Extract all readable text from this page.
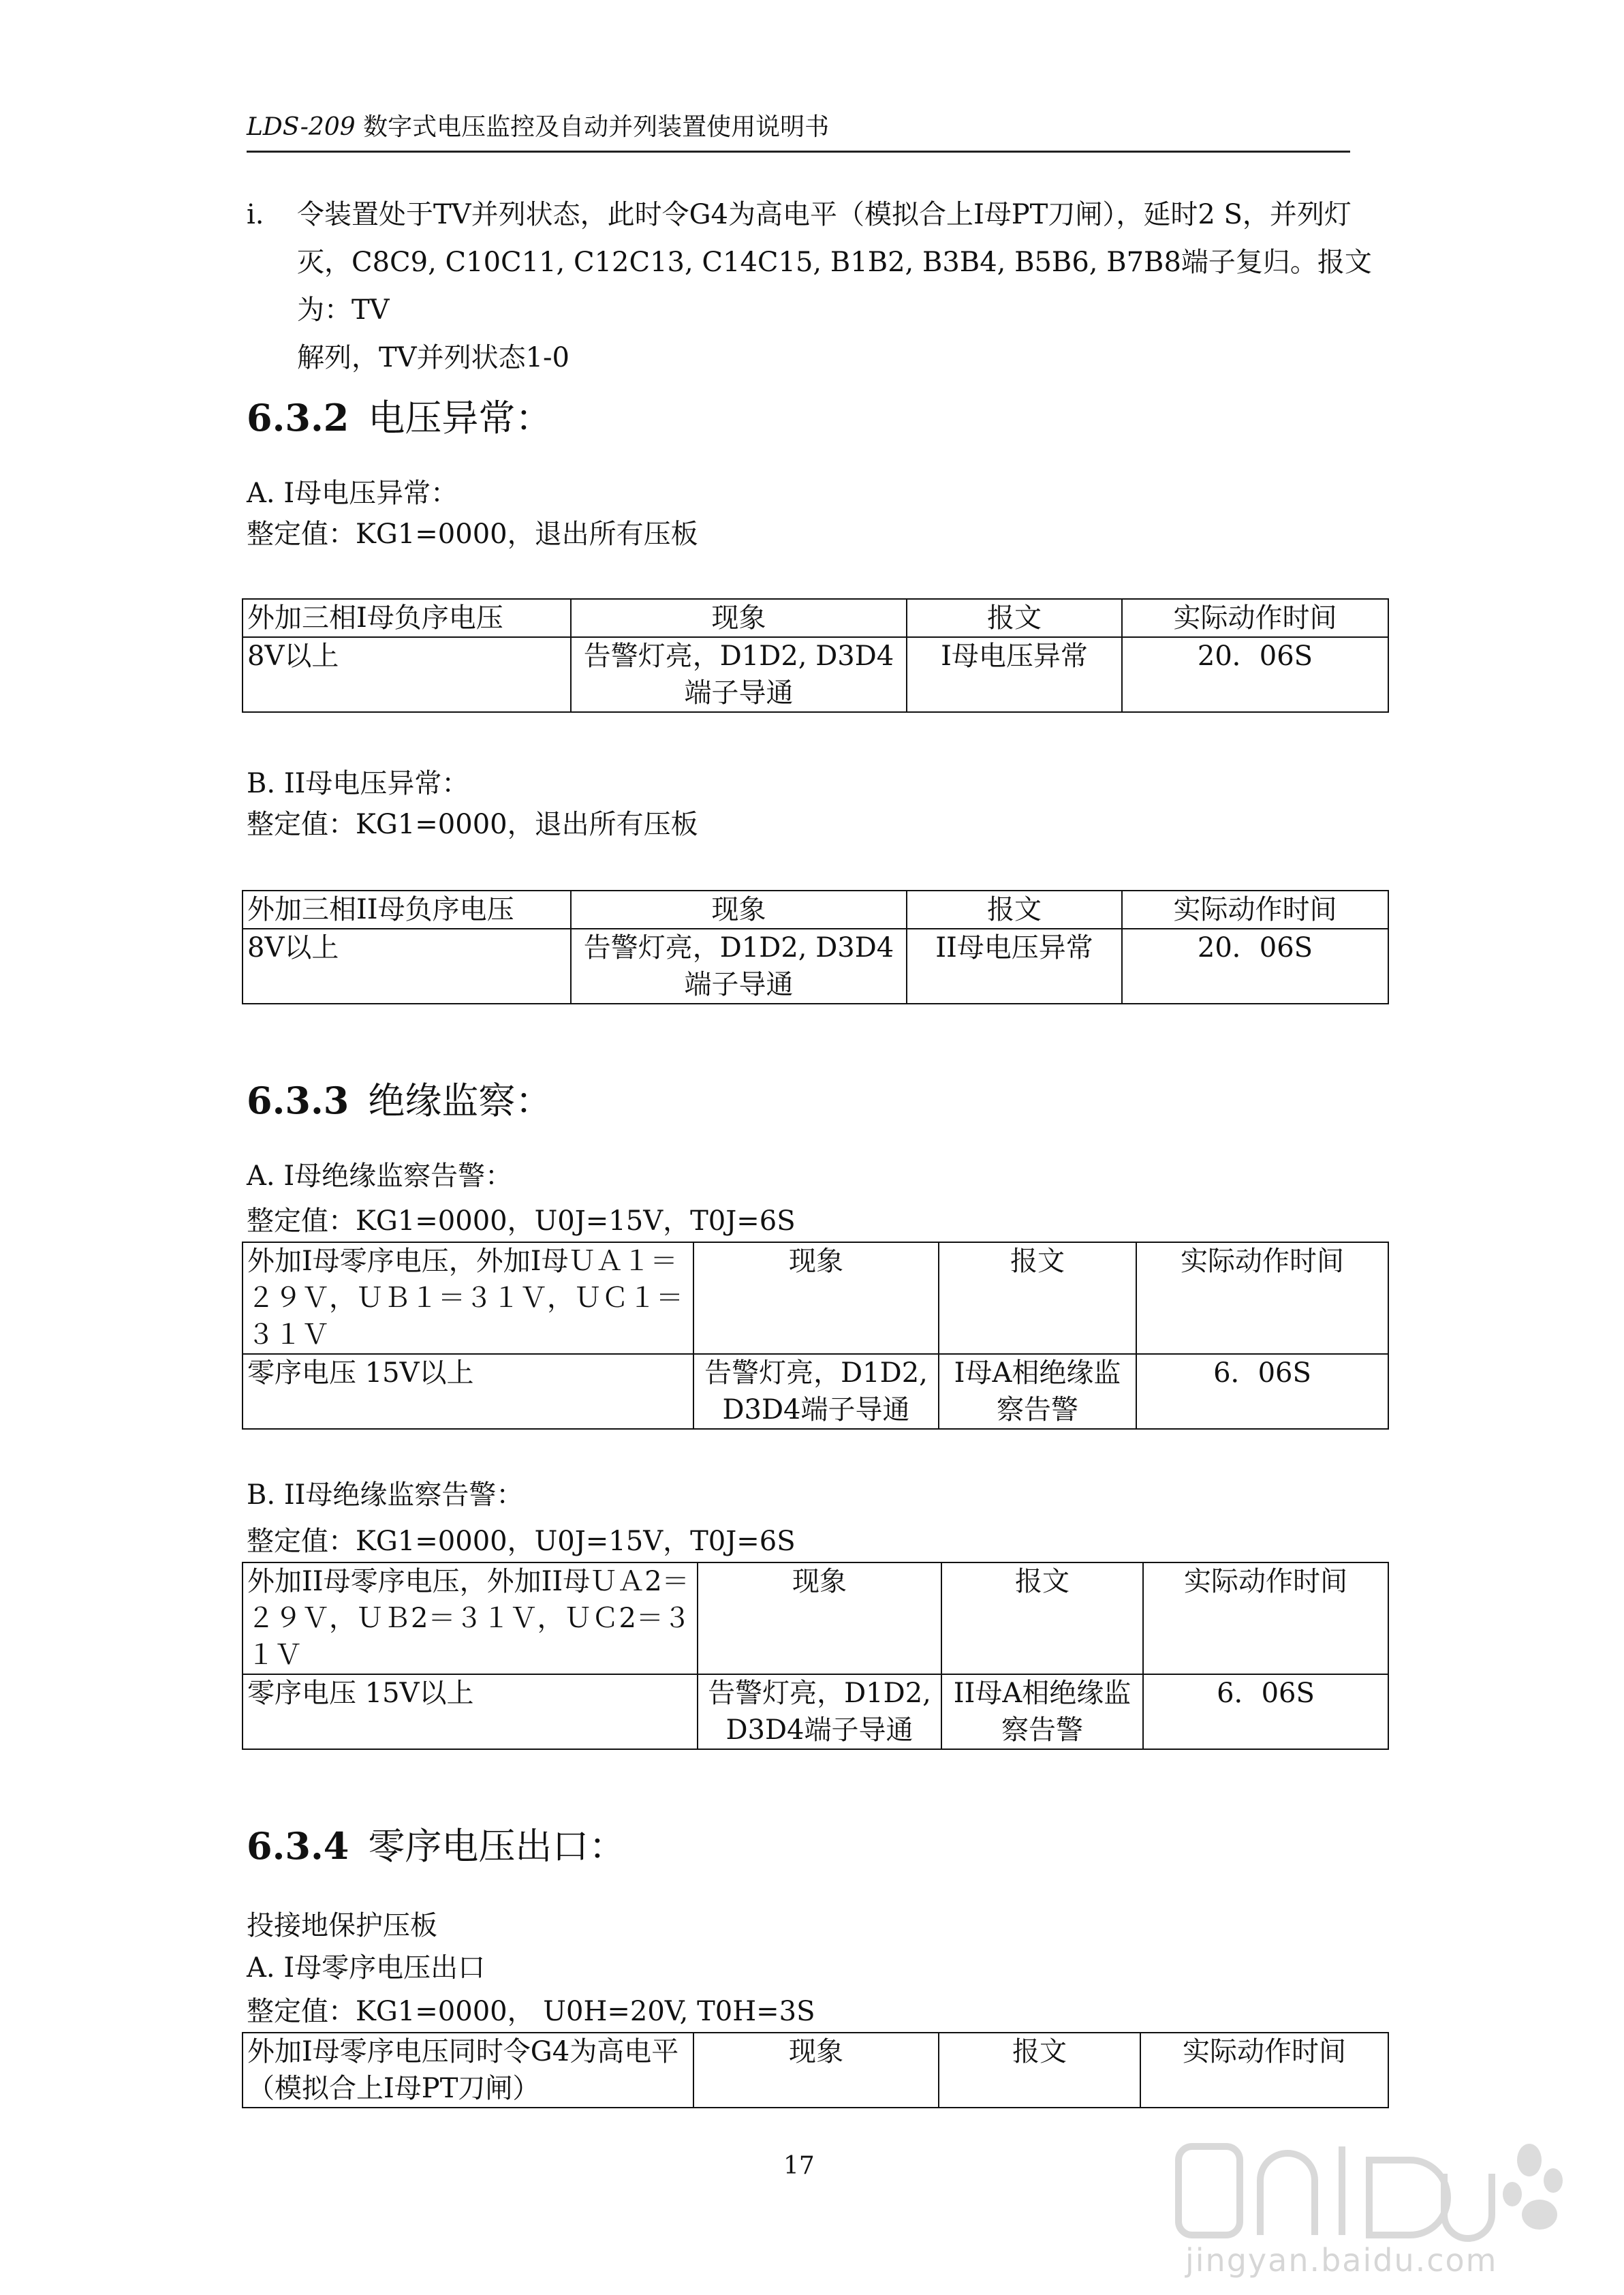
LDS-209 数字式电压监控及自动并列装置使用说明书
i. 令装置处于TV并列状态，此时令G4为高电平（模拟合上I母PT刀闸），延时2 S，并列灯
灭，C8C9, C10C11, C12C13, C14C15, B1B2, B3B4, B5B6, B7B8端子复归。报文为：TV
解列，TV并列状态1-0
6.3.2 电压异常：
A. I母电压异常：
整定值：KG1=0000，退出所有压板
外加三相I母负序电压	现象	报文	实际动作时间
8V以上	告警灯亮，D1D2, D3D4端子导通	I母电压异常	20．06S
B. II母电压异常：
整定值：KG1=0000，退出所有压板
外加三相II母负序电压	现象	报文	实际动作时间
8V以上	告警灯亮，D1D2, D3D4端子导通	II母电压异常	20．06S
6.3.3 绝缘监察：
A. I母绝缘监察告警：
整定值：KG1=0000，U0J=15V，T0J=6S
外加I母零序电压，外加I母ＵＡ１＝２９Ｖ，ＵＢ１＝３１Ｖ，ＵＣ１＝３１Ｖ	现象	报文	实际动作时间
零序电压 15V以上	告警灯亮，D1D2, D3D4端子导通	I母A相绝缘监察告警	6．06S
B. II母绝缘监察告警：
整定值：KG1=0000，U0J=15V，T0J=6S
外加II母零序电压，外加II母ＵＡ2＝２９Ｖ，ＵＢ2＝３１Ｖ，ＵＣ2＝３１Ｖ	现象	报文	实际动作时间
零序电压 15V以上	告警灯亮，D1D2, D3D4端子导通	II母A相绝缘监察告警	6．06S
6.3.4 零序电压出口：
投接地保护压板
A. I母零序电压出口
整定值：KG1=0000， U0H=20V, T0H=3S
外加I母零序电压同时令G4为高电平（模拟合上I母PT刀闸）	现象	报文	实际动作时间
17
jingyan.baidu.com
